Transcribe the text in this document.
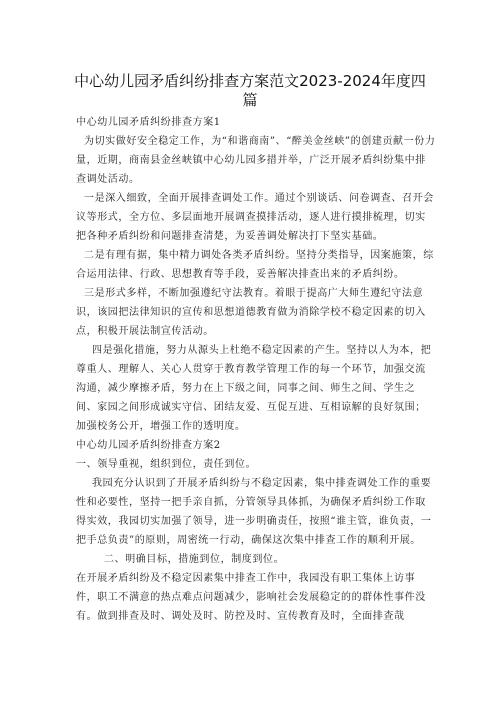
中心幼儿园矛盾纠纷排查方案范文2023-2024年度四
篇

中心幼儿园矛盾纠纷排查方案1

为切实做好安全稳定工作，为“和谐商南”、“醉美金丝峡”的创建贡献一份力量，近期，商南县金丝峡镇中心幼儿园多措并举，广泛开展矛盾纠纷集中排查调处活动。

一是深入细致，全面开展排查调处工作。通过个别谈话、问卷调查、召开会议等形式，全方位、多层面地开展调查摸排活动，逐人进行摸排梳理，切实把各种矛盾纠纷和问题排查清楚，为妥善调处解决打下坚实基础。

二是有理有据，集中精力调处各类矛盾纠纷。坚持分类指导，因案施策，综合运用法律、行政、思想教育等手段，妥善解决排查出来的矛盾纠纷。

三是形式多样，不断加强遵纪守法教育。着眼于提高广大师生遵纪守法意识，该园把法律知识的宣传和思想道德教育做为消除学校不稳定因素的切入点，积极开展法制宣传活动。

四是强化措施，努力从源头上杜绝不稳定因素的产生。坚持以人为本，把尊重人、理解人、关心人贯穿于教育教学管理工作的每一个环节，加强交流沟通，减少摩擦矛盾，努力在上下级之间，同事之间、师生之间、学生之间、家园之间形成诚实守信、团结友爱、互促互进、互相谅解的良好氛围；加强校务公开，增强工作的透明度。

中心幼儿园矛盾纠纷排查方案2

一、领导重视，组织到位，责任到位。

我园充分认识到了开展矛盾纠纷与不稳定因素，集中排查调处工作的重要性和必要性，坚持一把手亲自抓，分管领导具体抓，为确保矛盾纠纷工作取得实效，我园切实加强了领导，进一步明确责任，按照“谁主管，谁负责，一把手总负责”的原则，周密统一行动，确保这次集中排查工作的顺利开展。

二、明确目标，措施到位，制度到位。

在开展矛盾纠纷及不稳定因素集中排查工作中，我园没有职工集体上访事件，职工不满意的热点难点问题减少，影响社会发展稳定的的群体性事件没有。做到排查及时、调处及时、防控及时、宣传教育及时，全面排查哉
